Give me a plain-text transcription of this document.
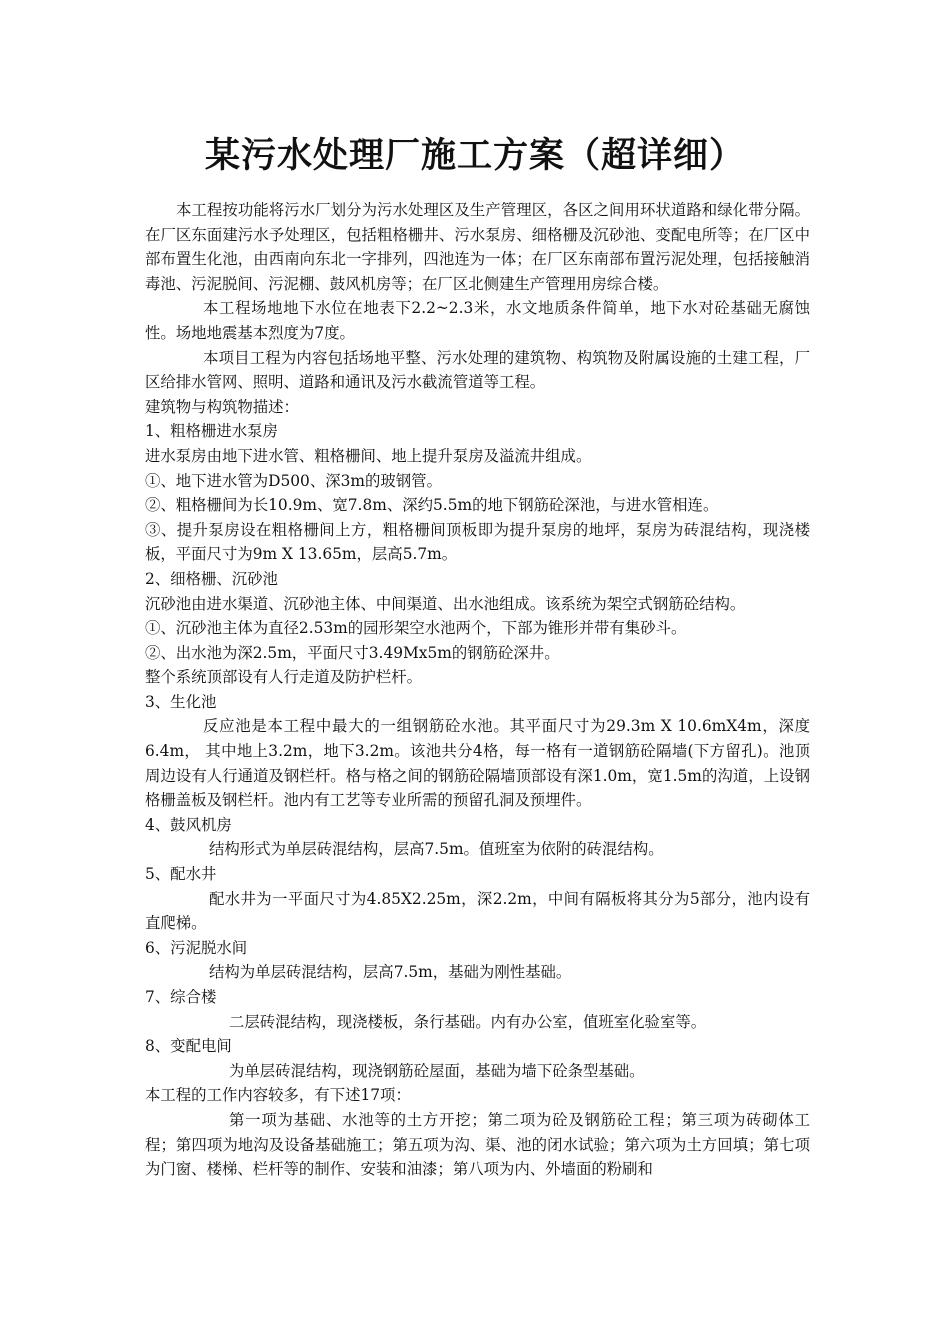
某污水处理厂施工方案（超详细）

本工程按功能将污水厂划分为污水处理区及生产管理区，各区之间用环状道路和绿化带分隔。在厂区东面建污水予处理区，包括粗格栅井、污水泵房、细格栅及沉砂池、变配电所等；在厂区中部布置生化池，由西南向东北一字排列，四池连为一体；在厂区东南部布置污泥处理，包括接触消毒池、污泥脱间、污泥棚、鼓风机房等；在厂区北侧建生产管理用房综合楼。

本工程场地地下水位在地表下2.2~2.3米，水文地质条件简单，地下水对砼基础无腐蚀性。场地地震基本烈度为7度。

本项目工程为内容包括场地平整、污水处理的建筑物、构筑物及附属设施的土建工程，厂区给排水管网、照明、道路和通讯及污水截流管道等工程。

建筑物与构筑物描述：

1、粗格栅进水泵房

进水泵房由地下进水管、粗格栅间、地上提升泵房及溢流井组成。

①、地下进水管为D500、深3m的玻钢管。

②、粗格栅间为长10.9m、宽7.8m、深约5.5m的地下钢筋砼深池，与进水管相连。

③、提升泵房设在粗格栅间上方，粗格栅间顶板即为提升泵房的地坪，泵房为砖混结构，现浇楼板，平面尺寸为9m X 13.65m，层高5.7m。

2、细格栅、沉砂池

沉砂池由进水渠道、沉砂池主体、中间渠道、出水池组成。该系统为架空式钢筋砼结构。

①、沉砂池主体为直径2.53m的园形架空水池两个，下部为锥形并带有集砂斗。

②、出水池为深2.5m，平面尺寸3.49Mx5m的钢筋砼深井。

整个系统顶部设有人行走道及防护栏杆。

3、生化池

反应池是本工程中最大的一组钢筋砼水池。其平面尺寸为29.3m X 10.6mX4m，深度6.4m， 其中地上3.2m，地下3.2m。该池共分4格，每一格有一道钢筋砼隔墙(下方留孔)。池顶周边设有人行通道及钢栏杆。格与格之间的钢筋砼隔墙顶部设有深1.0m，宽1.5m的沟道，上设钢格栅盖板及钢栏杆。池内有工艺等专业所需的预留孔洞及预埋件。

4、鼓风机房

结构形式为单层砖混结构，层高7.5m。值班室为依附的砖混结构。

5、配水井

配水井为一平面尺寸为4.85X2.25m，深2.2m，中间有隔板将其分为5部分，池内设有直爬梯。

6、污泥脱水间

结构为单层砖混结构，层高7.5m，基础为刚性基础。

7、综合楼

二层砖混结构，现浇楼板，条行基础。内有办公室，值班室化验室等。

8、变配电间

为单层砖混结构，现浇钢筋砼屋面，基础为墙下砼条型基础。

本工程的工作内容较多，有下述17项：

第一项为基础、水池等的土方开挖；第二项为砼及钢筋砼工程；第三项为砖砌体工程；第四项为地沟及设备基础施工；第五项为沟、渠、池的闭水试验；第六项为土方回填；第七项为门窗、楼梯、栏杆等的制作、安装和油漆；第八项为内、外墙面的粉刷和
